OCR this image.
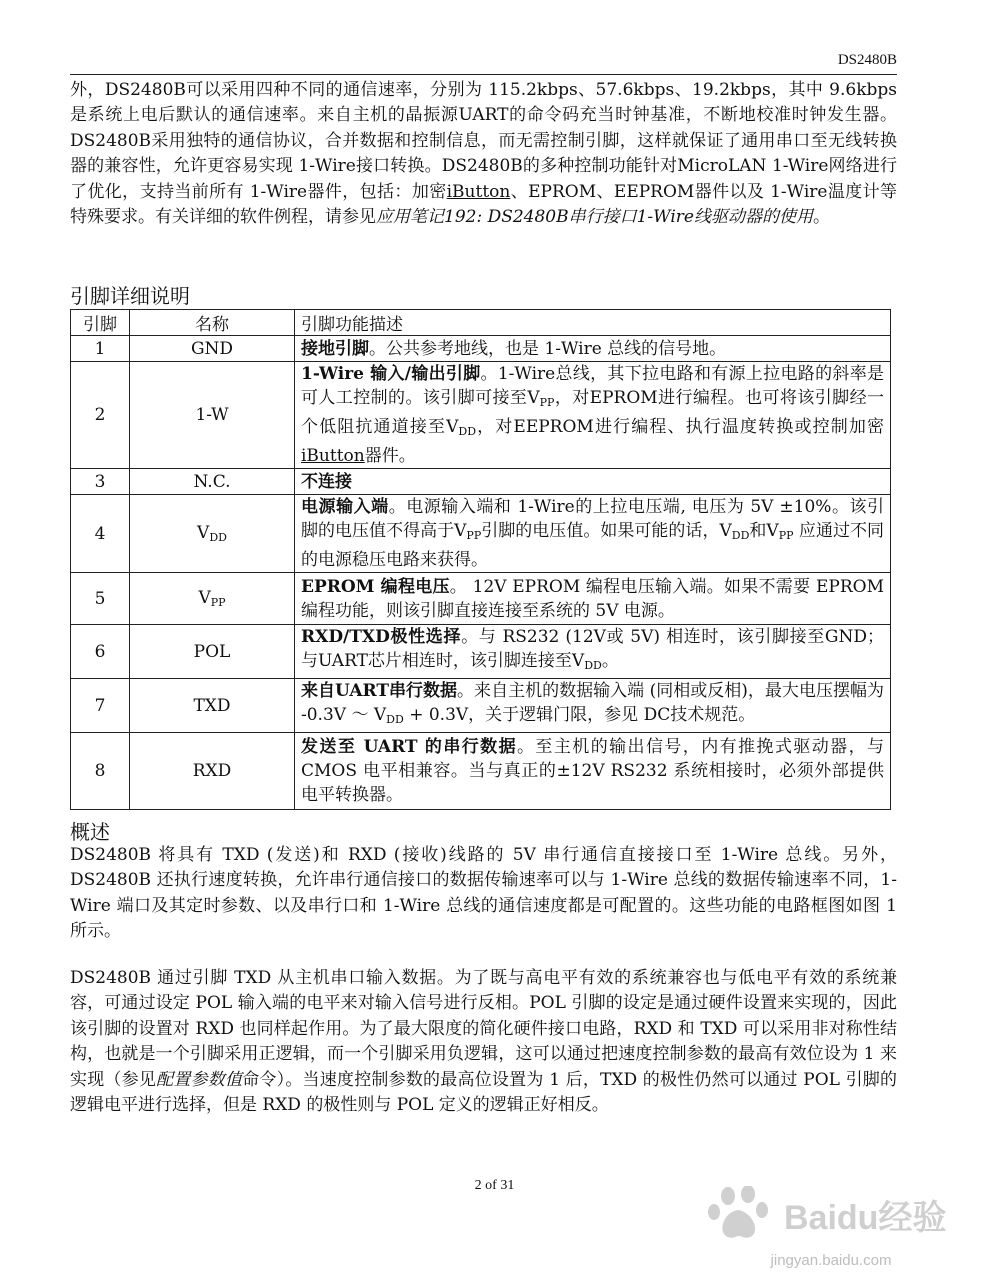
DS2480B

外，DS2480B可以采用四种不同的通信速率，分别为 115.2kbps、57.6kbps、19.2kbps，其中 9.6kbps 是系统上电后默认的通信速率。来自主机的晶振源UART的命令码充当时钟基准，不断地校准时钟发生器。DS2480B采用独特的通信协议，合并数据和控制信息，而无需控制引脚，这样就保证了通用串口至无线转换器的兼容性，允许更容易实现 1-Wire接口转换。DS2480B的多种控制功能针对MicroLAN 1-Wire网络进行了优化，支持当前所有 1-Wire器件，包括：加密iButton、EPROM、EEPROM器件以及 1-Wire温度计等特殊要求。有关详细的软件例程，请参见应用笔记192: DS2480B串行接口1-Wire线驱动器的使用。

引脚详细说明
引脚	名称	引脚功能描述
1	GND	接地引脚。公共参考地线，也是 1-Wire 总线的信号地。
2	1-W	1-Wire 输入/输出引脚。1-Wire总线，其下拉电路和有源上拉电路的斜率是可人工控制的。该引脚可接至$V_{PP}$，对EPROM进行编程。也可将该引脚经一个低阻抗通道接至$V_{DD}$，对EEPROM进行编程、执行温度转换或控制加密 iButton器件。
3	N.C.	不连接
4	$V_{DD}$	电源输入端。电源输入端和 1-Wire的上拉电压端, 电压为 5V ±10%。该引脚的电压值不得高于$V_{PP}$引脚的电压值。如果可能的话，$V_{DD}$和$V_{PP}$ 应通过不同的电源稳压电路来获得。
5	$V_{PP}$	EPROM 编程电压。 12V EPROM 编程电压输入端。如果不需要 EPROM 编程功能，则该引脚直接连接至系统的 5V 电源。
6	POL	RXD/TXD极性选择。与 RS232 (12V或 5V) 相连时，该引脚接至GND；与UART芯片相连时，该引脚连接至$V_{DD}$。
7	TXD	来自UART串行数据。来自主机的数据输入端 (同相或反相)，最大电压摆幅为 -0.3V ～ $V_{DD} + 0.3V$，关于逻辑门限，参见 DC技术规范。
8	RXD	发送至 UART 的串行数据。至主机的输出信号，内有推挽式驱动器，与 CMOS 电平相兼容。当与真正的±12V RS232 系统相接时，必须外部提供电平转换器。
概述

DS2480B 将具有 TXD (发送)和 RXD (接收)线路的 5V 串行通信直接接口至 1-Wire 总线。另外，DS2480B 还执行速度转换，允许串行通信接口的数据传输速率可以与 1-Wire 总线的数据传输速率不同，1-Wire 端口及其定时参数、以及串行口和 1-Wire 总线的通信速度都是可配置的。这些功能的电路框图如图 1 所示。

DS2480B 通过引脚 TXD 从主机串口输入数据。为了既与高电平有效的系统兼容也与低电平有效的系统兼容，可通过设定 POL 输入端的电平来对输入信号进行反相。POL 引脚的设定是通过硬件设置来实现的，因此该引脚的设置对 RXD 也同样起作用。为了最大限度的简化硬件接口电路，RXD 和 TXD 可以采用非对称性结构，也就是一个引脚采用正逻辑，而一个引脚采用负逻辑，这可以通过把速度控制参数的最高有效位设为 1 来实现（参见配置参数值命令）。当速度控制参数的最高位设置为 1 后，TXD 的极性仍然可以通过 POL 引脚的逻辑电平进行选择，但是 RXD 的极性则与 POL 定义的逻辑正好相反。

2 of 31
Baidu经验
jingyan.baidu.com
